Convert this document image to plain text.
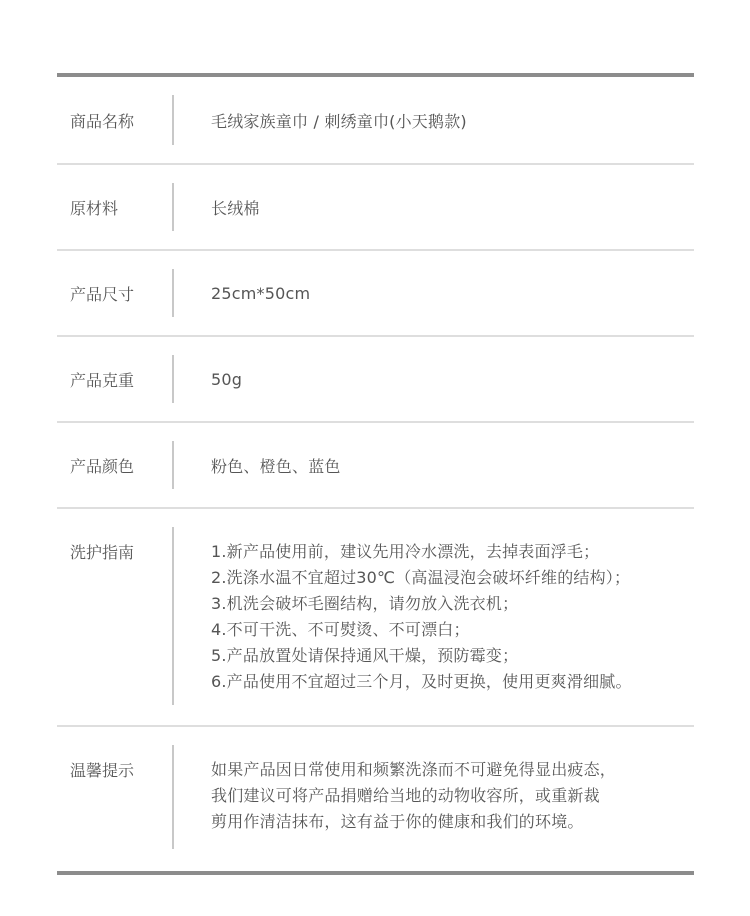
商品名称	毛绒家族童巾 / 刺绣童巾(小天鹅款)
原材料	长绒棉
产品尺寸	25cm*50cm
产品克重	50g
产品颜色	粉色、橙色、蓝色
洗护指南	1.新产品使用前，建议先用冷水漂洗，去掉表面浮毛；
2.洗涤水温不宜超过30℃（高温浸泡会破坏纤维的结构）；
3.机洗会破坏毛圈结构，请勿放入洗衣机；
4.不可干洗、不可熨烫、不可漂白；
5.产品放置处请保持通风干燥，预防霉变；
6.产品使用不宜超过三个月，及时更换，使用更爽滑细腻。
温馨提示	如果产品因日常使用和频繁洗涤而不可避免得显出疲态，
我们建议可将产品捐赠给当地的动物收容所，或重新裁
剪用作清洁抹布，这有益于你的健康和我们的环境。
